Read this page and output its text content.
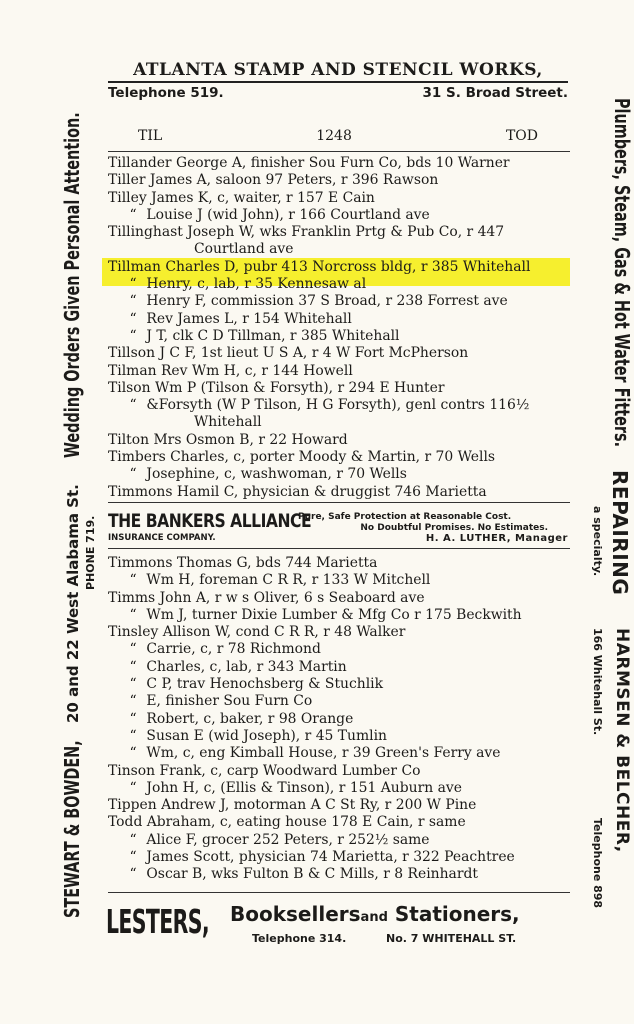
ATLANTA STAMP AND STENCIL WORKS,
Telephone 519.	31 S. Broad Street.
TIL	1248	TOD
Tillander George A, finisher Sou Furn Co, bds 10 Warner
Tiller James A, saloon 97 Peters, r 396 Rawson
Tilley James K, c, waiter, r 157 E Cain
“ Louise J (wid John), r 166 Courtland ave
Tillinghast Joseph W, wks Franklin Prtg & Pub Co, r 447
Courtland ave
Tillman Charles D, pubr 413 Norcross bldg, r 385 Whitehall
“ Henry, c, lab, r 35 Kennesaw al
“ Henry F, commission 37 S Broad, r 238 Forrest ave
“ Rev James L, r 154 Whitehall
“ J T, clk C D Tillman, r 385 Whitehall
Tillson J C F, 1st lieut U S A, r 4 W Fort McPherson
Tilman Rev Wm H, c, r 144 Howell
Tilson Wm P (Tilson & Forsyth), r 294 E Hunter
“ &Forsyth (W P Tilson, H G Forsyth), genl contrs 116½
Whitehall
Tilton Mrs Osmon B, r 22 Howard
Timbers Charles, c, porter Moody & Martin, r 70 Wells
“ Josephine, c, washwoman, r 70 Wells
Timmons Hamil C, physician & druggist 746 Marietta
THE BANKERS ALLIANCE
Pure, Safe Protection at Reasonable Cost.
No Doubtful Promises. No Estimates.
INSURANCE COMPANY.	H. A. LUTHER, Manager
Timmons Thomas G, bds 744 Marietta
“ Wm H, foreman C R R, r 133 W Mitchell
Timms John A, r w s Oliver, 6 s Seaboard ave
“ Wm J, turner Dixie Lumber & Mfg Co r 175 Beckwith
Tinsley Allison W, cond C R R, r 48 Walker
“ Carrie, c, r 78 Richmond
“ Charles, c, lab, r 343 Martin
“ C P, trav Henochsberg & Stuchlik
“ E, finisher Sou Furn Co
“ Robert, c, baker, r 98 Orange
“ Susan E (wid Joseph), r 45 Tumlin
“ Wm, c, eng Kimball House, r 39 Green's Ferry ave
Tinson Frank, c, carp Woodward Lumber Co
“ John H, c, (Ellis & Tinson), r 151 Auburn ave
Tippen Andrew J, motorman A C St Ry, r 200 W Pine
Todd Abraham, c, eating house 178 E Cain, r same
“ Alice F, grocer 252 Peters, r 252½ same
“ James Scott, physician 74 Marietta, r 322 Peachtree
“ Oscar B, wks Fulton B & C Mills, r 8 Reinhardt
LESTERS, Booksellersand Stationers,
Telephone 314.	No. 7 WHITEHALL ST.
STEWART & BOWDEN,
20 and 22 West Alabama St. PHONE 719.
Wedding Orders Given Personal Attention.	Plumbers, Steam, Gas & Hot Water Fitters.
REPAIRING
a specialty.
HARMSEN & BELCHER,
166 Whitehall St.
Telephone 898
